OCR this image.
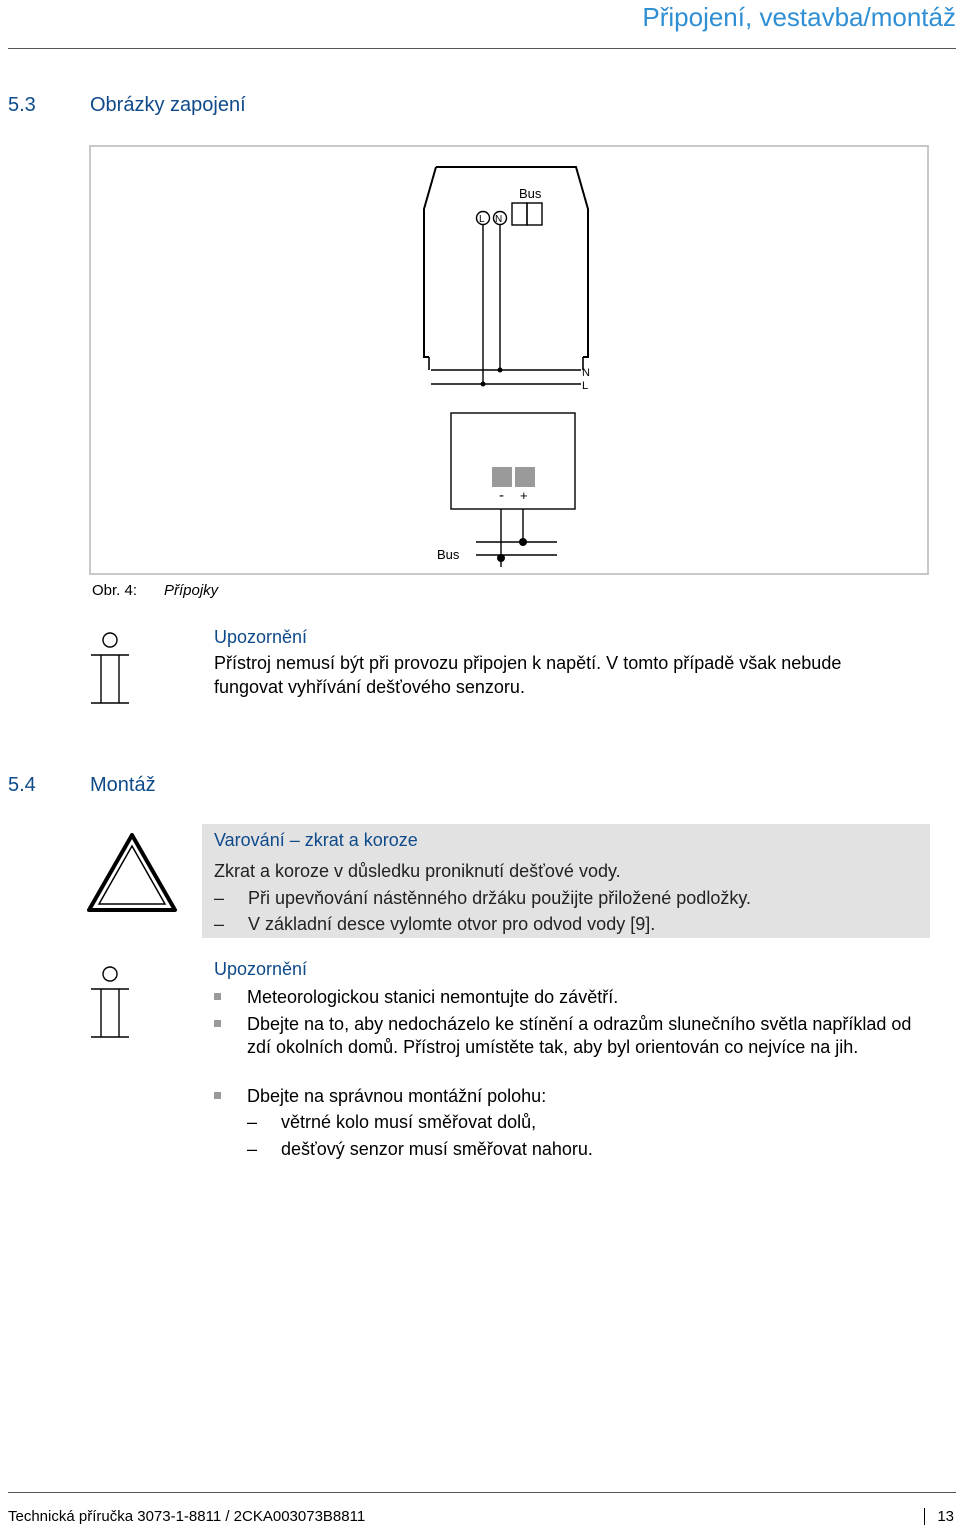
Připojení, vestavba/montáž
5.3	Obrázky zapojení
Bus
L N
N
L
- +
Bus
Obr. 4: Přípojky
Upozornění
Přístroj nemusí být při provozu připojen k napětí. V tomto případě však nebude fungovat vyhřívání dešťového senzoru.
5.4	Montáž
Varování – zkrat a koroze
Zkrat a koroze v důsledku proniknutí dešťové vody.
– Při upevňování nástěnného držáku použijte přiložené podložky.
– V základní desce vylomte otvor pro odvod vody [9].
Upozornění
Meteorologickou stanici nemontujte do závětří.
Dbejte na to, aby nedocházelo ke stínění a odrazům slunečního světla například od zdí okolních domů. Přístroj umístěte tak, aby byl orientován co nejvíce na jih.
Dbejte na správnou montážní polohu:
– větrné kolo musí směřovat dolů,
– dešťový senzor musí směřovat nahoru.
Technická příručka 3073-1-8811 / 2CKA003073B8811	13
